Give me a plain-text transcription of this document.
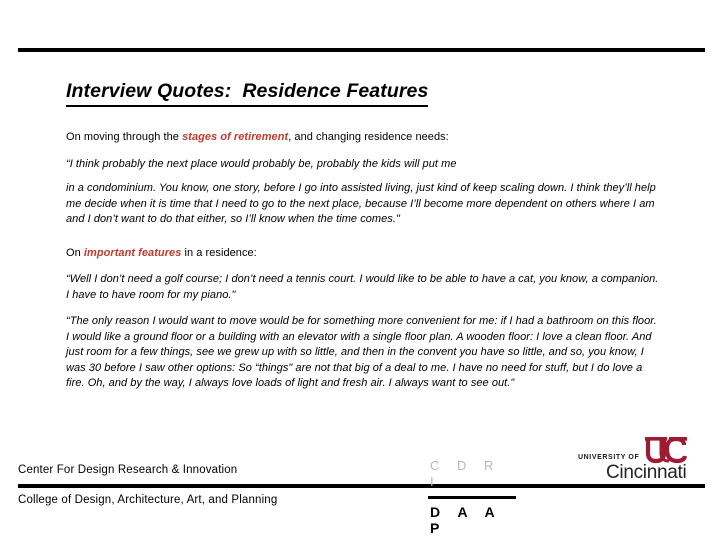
Interview Quotes:  Residence Features

On moving through the stages of retirement, and changing residence needs:

“I think probably the next place would probably be, probably the kids will put me

in a condominium. You know, one story, before I go into assisted living, just kind of keep scaling down. I think they’ll help me decide when it is time that I need to go to the next place, because I’ll become more dependent on others where I am and I don’t want to do that either, so I’ll know when the time comes."

On important features in a residence:

“Well I don’t need a golf course; I don’t need a tennis court. I would like to be able to have a cat, you know, a companion. I have to have room for my piano."

“The only reason I would want to move would be for something more convenient for me: if I had a bathroom on this floor. I would like a ground floor or a building with an elevator with a single floor plan. A wooden floor: I love a clean floor. And just room for a few things, see we grew up with so little, and then in the convent you have so little, and so, you know, I was 30 before I saw other options: So “things" are not that big of a deal to me. I have no need for stuff, but I do love a fire. Oh, and by the way, I always love loads of light and fresh air. I always want to see out."

Center For Design Research & Innovation
College of Design, Architecture, Art, and Planning
C D R I
D A A P
UNIVERSITY OF
Cincinnati
